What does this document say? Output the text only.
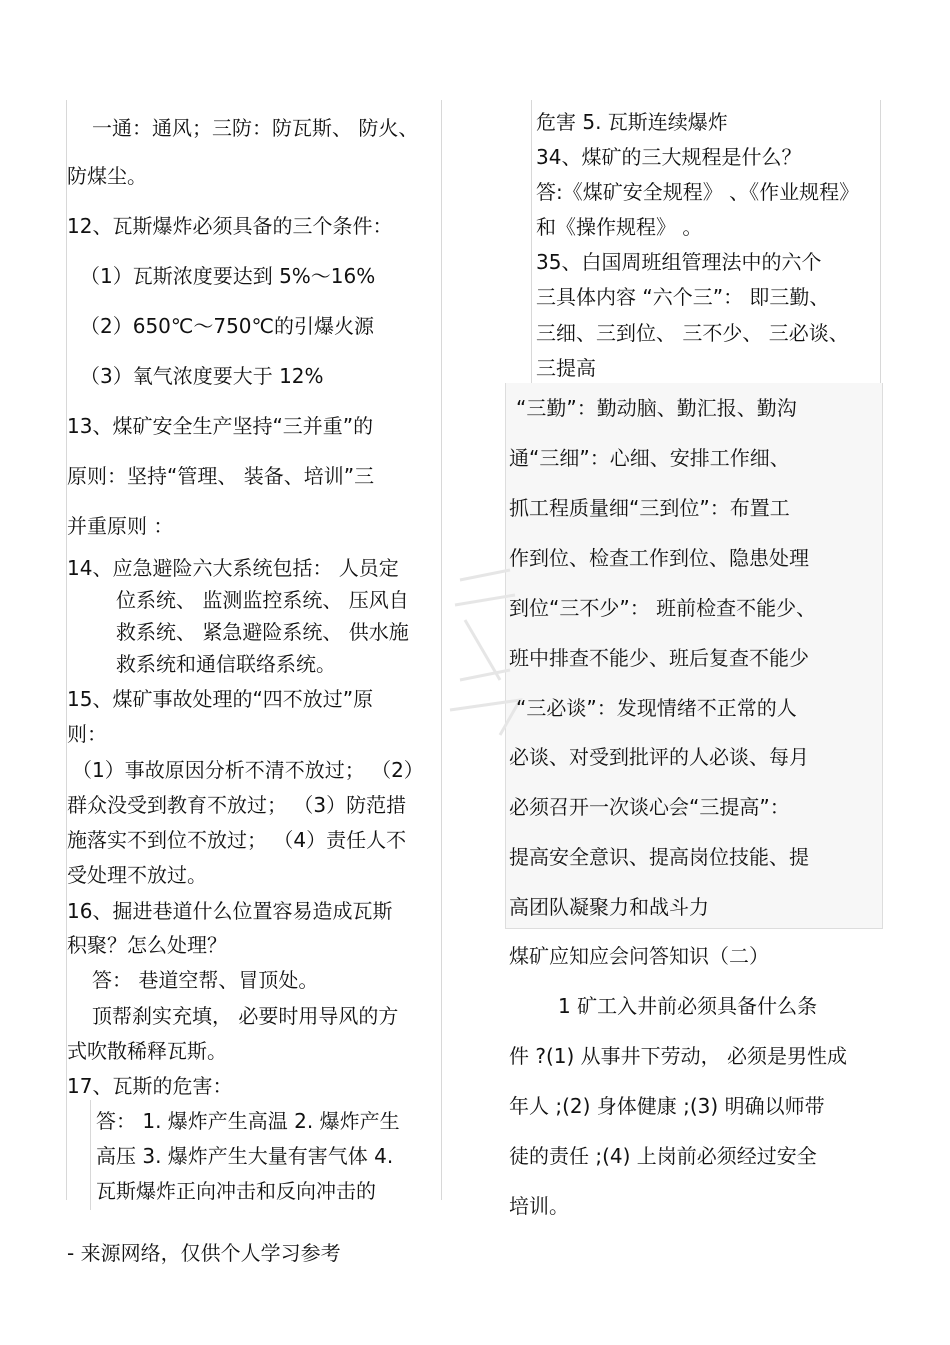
一通：通风；三防：防瓦斯、 防火、
防煤尘。
12、瓦斯爆炸必须具备的三个条件：
（1）瓦斯浓度要达到 5%～16%
（2）650℃～750℃的引爆火源
（3）氧气浓度要大于 12%
13、煤矿安全生产坚持“三并重”的
原则：坚持“管理、 装备、培训”三
并重原则 ：
14、应急避险六大系统包括： 人员定
位系统、 监测监控系统、 压风自
救系统、 紧急避险系统、 供水施
救系统和通信联络系统。
15、煤矿事故处理的“四不放过”原
则：
（1）事故原因分析不清不放过； （2）
群众没受到教育不放过； （3）防范措
施落实不到位不放过； （4）责任人不
受处理不放过。
16、掘进巷道什么位置容易造成瓦斯
积聚？怎么处理？
答： 巷道空帮、冒顶处。
顶帮刹实充填， 必要时用导风的方
式吹散稀释瓦斯。
17、瓦斯的危害：
答： 1. 爆炸产生高温 2. 爆炸产生
高压 3. 爆炸产生大量有害气体 4.
瓦斯爆炸正向冲击和反向冲击的
危害 5. 瓦斯连续爆炸
34、煤矿的三大规程是什么？
答:《煤矿安全规程》 、《作业规程》
和《操作规程》 。
35、白国周班组管理法中的六个
三具体内容 “六个三”： 即三勤、
三细、三到位、 三不少、 三必谈、
三提高
“三勤”：勤动脑、勤汇报、勤沟
通“三细”：心细、安排工作细、
抓工程质量细“三到位”：布置工
作到位、检查工作到位、隐患处理
到位“三不少”： 班前检查不能少、
班中排查不能少、班后复查不能少
“三必谈”：发现情绪不正常的人
必谈、对受到批评的人必谈、每月
必须召开一次谈心会“三提高”：
提高安全意识、提高岗位技能、提
高团队凝聚力和战斗力
煤矿应知应会问答知识（二）
1 矿工入井前必须具备什么条
件 ?(1) 从事井下劳动， 必须是男性成
年人 ;(2) 身体健康 ;(3) 明确以师带
徒的责任 ;(4) 上岗前必须经过安全
培训。
- 来源网络，仅供个人学习参考
